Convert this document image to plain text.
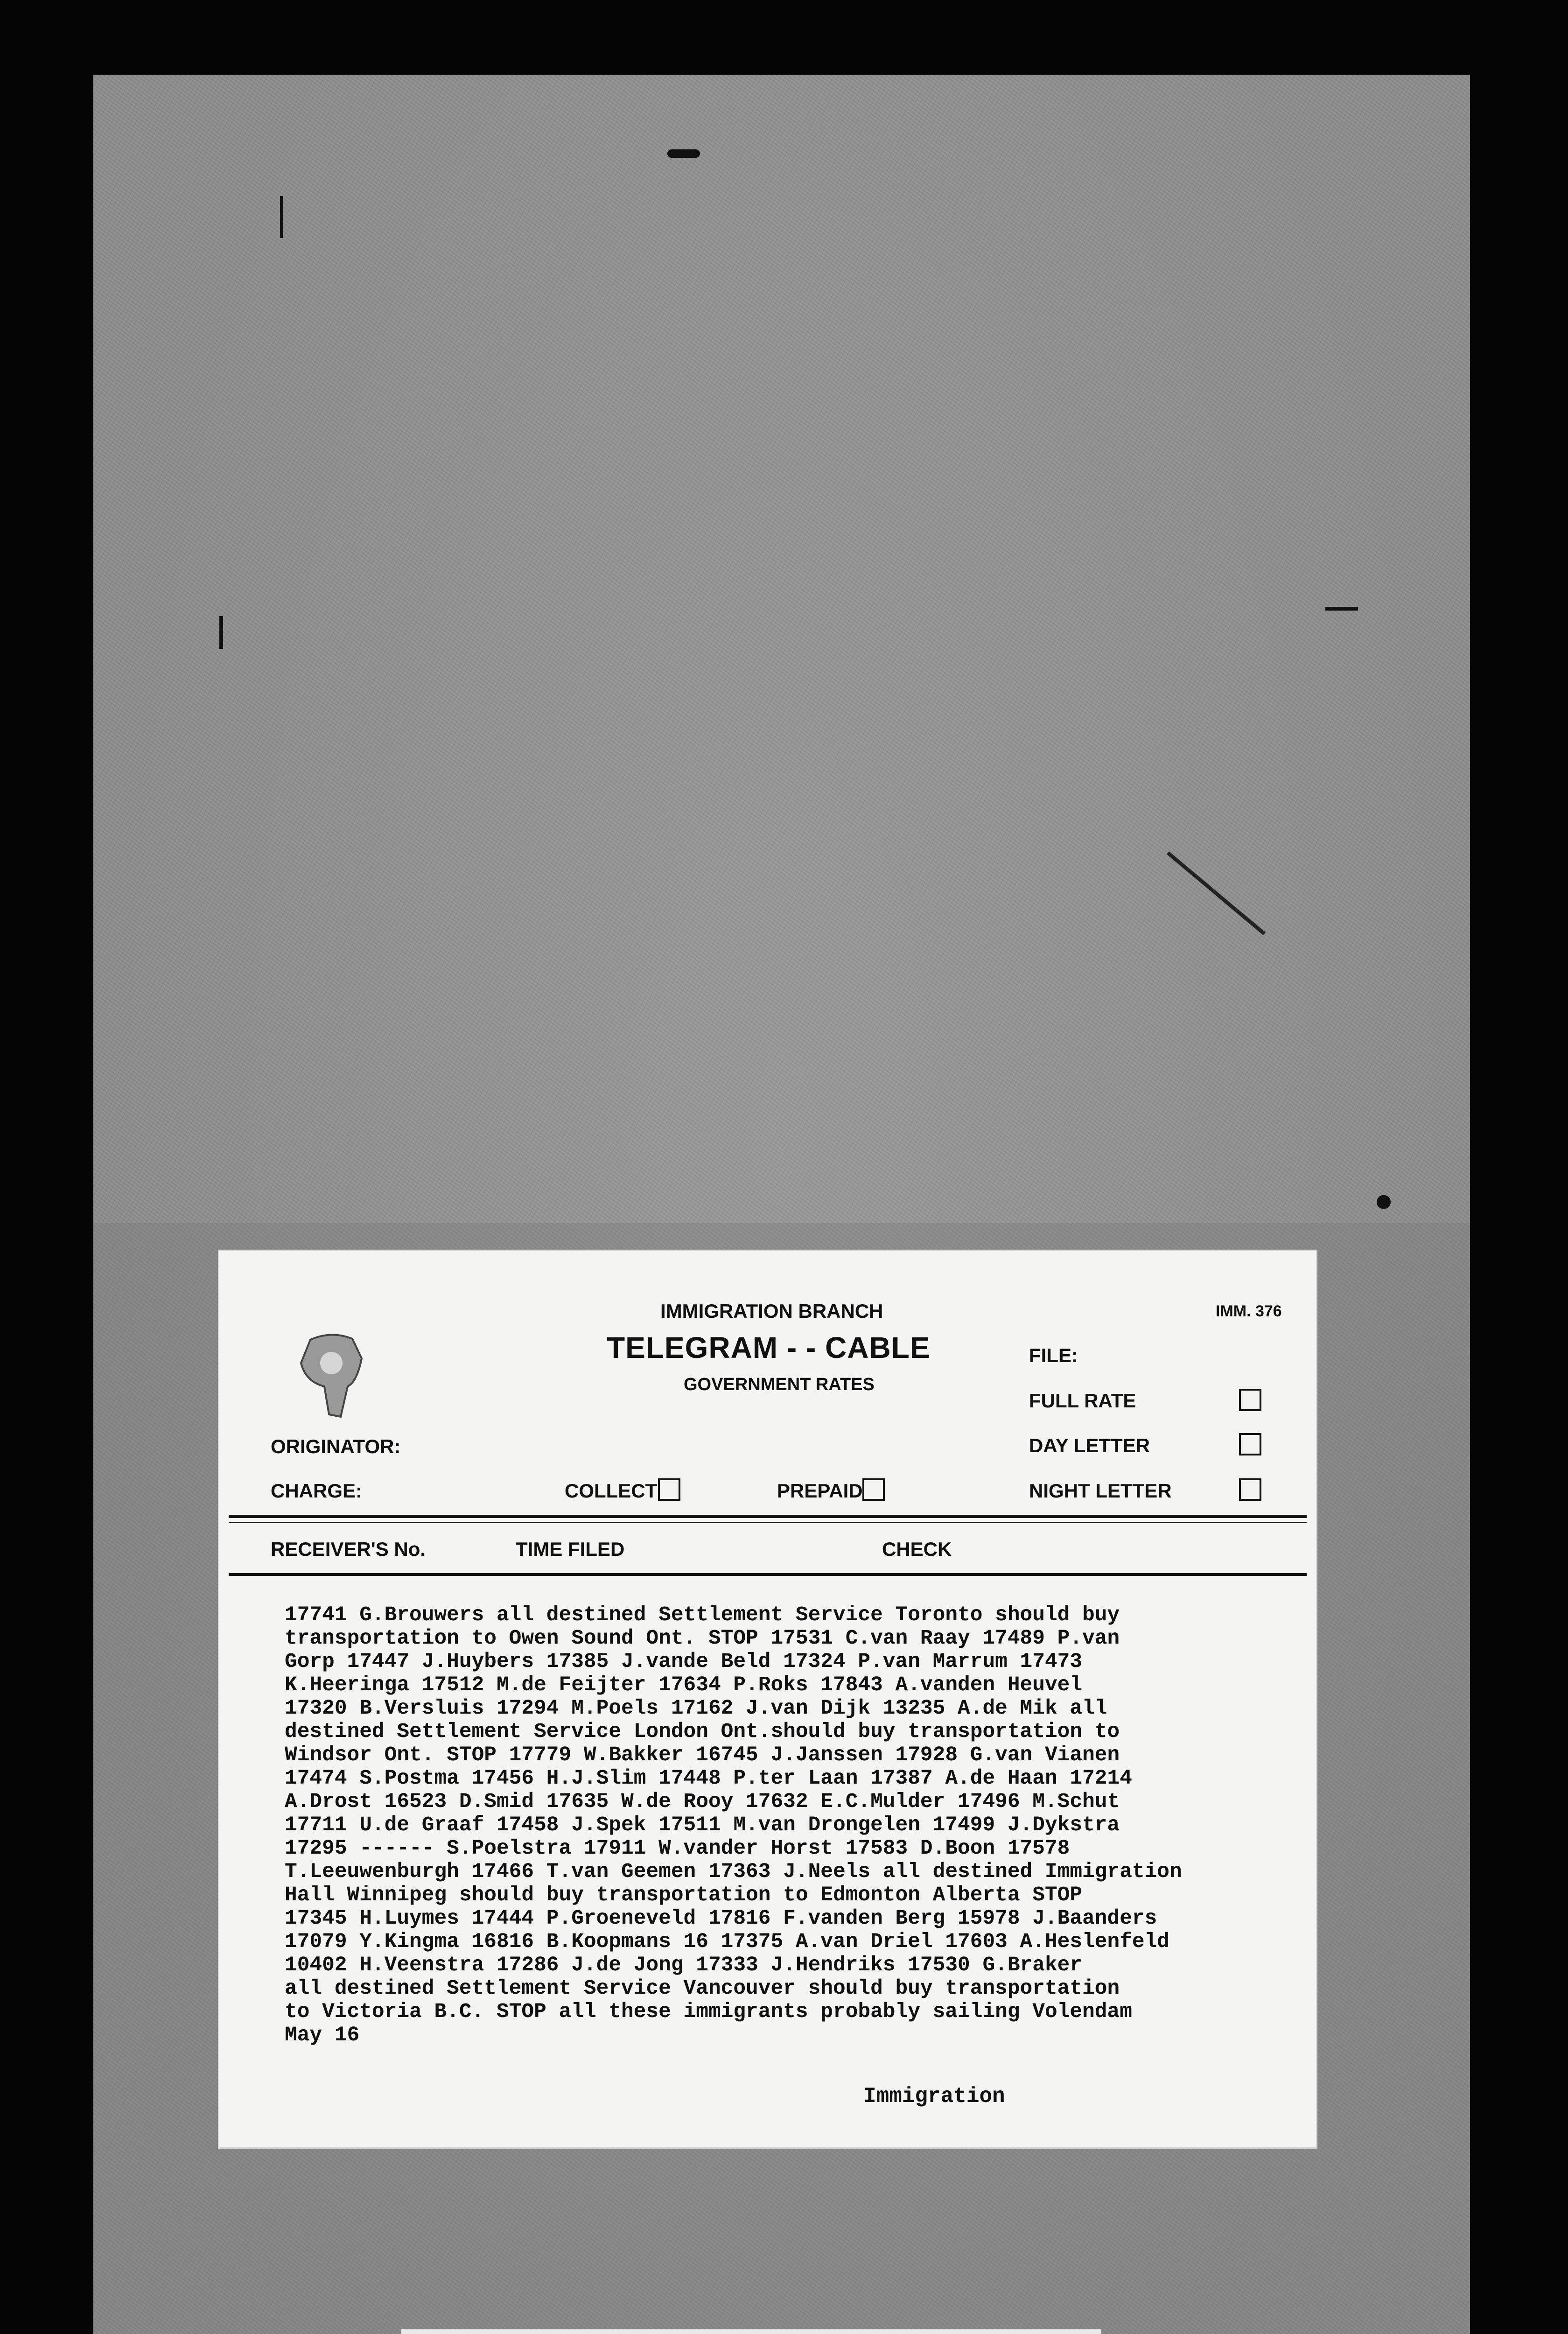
IMMIGRATION BRANCH	IMM. 376
TELEGRAM - - CABLE
GOVERNMENT RATES
FILE:
FULL RATE
DAY LETTER
NIGHT LETTER
ORIGINATOR:
CHARGE:	COLLECT	PREPAID
RECEIVER'S No.	TIME FILED	CHECK
17741 G.Brouwers all destined Settlement Service Toronto should buy
transportation to Owen Sound Ont. STOP 17531 C.van Raay 17489 P.van
Gorp 17447 J.Huybers 17385 J.vande Beld 17324 P.van Marrum 17473
K.Heeringa 17512 M.de Feijter 17634 P.Roks 17843 A.vanden Heuvel
17320 B.Versluis 17294 M.Poels 17162 J.van Dijk 13235 A.de Mik all
destined Settlement Service London Ont.should buy transportation to
Windsor Ont. STOP 17779 W.Bakker 16745 J.Janssen 17928 G.van Vianen
17474 S.Postma 17456 H.J.Slim 17448 P.ter Laan 17387 A.de Haan 17214
A.Drost 16523 D.Smid 17635 W.de Rooy 17632 E.C.Mulder 17496 M.Schut
17711 U.de Graaf 17458 J.Spek 17511 M.van Drongelen 17499 J.Dykstra
17295 ------ S.Poelstra 17911 W.vander Horst 17583 D.Boon 17578
T.Leeuwenburgh 17466 T.van Geemen 17363 J.Neels all destined Immigration
Hall Winnipeg should buy transportation to Edmonton Alberta STOP
17345 H.Luymes 17444 P.Groeneveld 17816 F.vanden Berg 15978 J.Baanders
17079 Y.Kingma 16816 B.Koopmans 16 17375 A.van Driel 17603 A.Heslenfeld
10402 H.Veenstra 17286 J.de Jong 17333 J.Hendriks 17530 G.Braker
all destined Settlement Service Vancouver should buy transportation
to Victoria B.C. STOP all these immigrants probably sailing Volendam
May 16
Immigration
